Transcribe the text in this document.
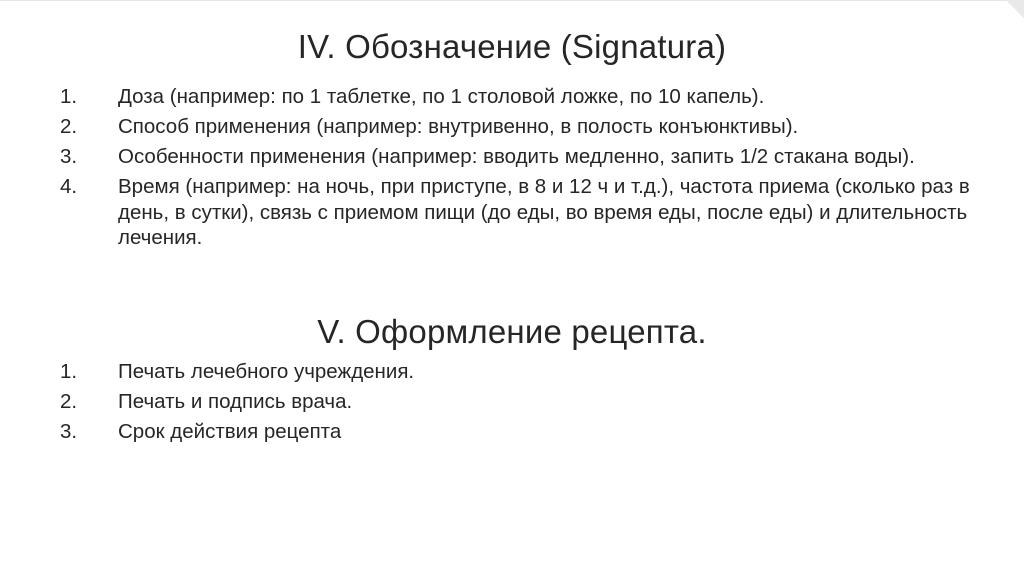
IV. Обозначение (Signatura)
1.	Доза (например: по 1 таблетке, по 1 столовой ложке, по 10 капель).
2.	Способ применения (например: внутривенно, в полость конъюнктивы).
3.	Особенности применения (например: вводить медленно, запить 1/2 стакана воды).
4.	Время (например: на ночь, при приступе, в 8 и 12 ч и т.д.), частота приема (сколько раз в день, в сутки), связь с приемом пищи (до еды, во время еды, после еды) и длительность лечения.
V. Оформление рецепта.
1.	Печать лечебного учреждения.
2.	Печать и подпись врача.
3.	Срок действия рецепта
